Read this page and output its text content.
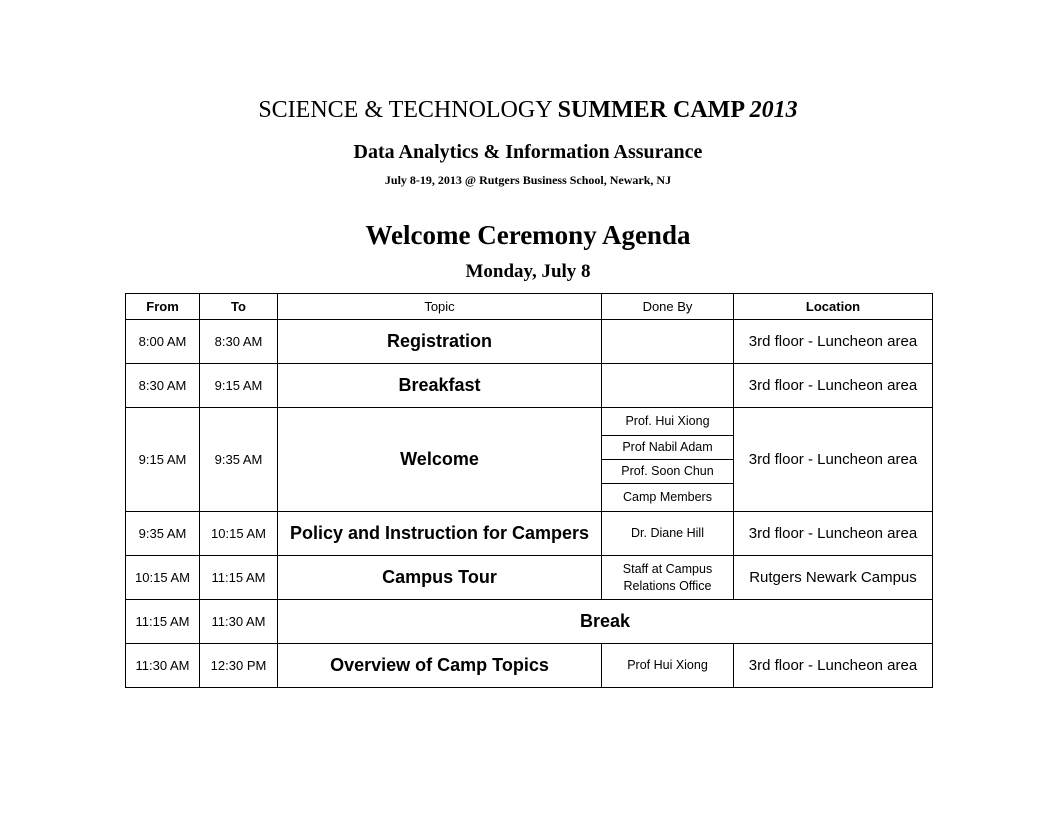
SCIENCE & TECHNOLOGY SUMMER CAMP 2013
Data Analytics & Information Assurance
July 8-19, 2013 @ Rutgers Business School, Newark, NJ
Welcome Ceremony Agenda
Monday, July 8
From	To	Topic	Done By	Location
8:00 AM	8:30 AM	Registration		3rd floor - Luncheon area
8:30 AM	9:15 AM	Breakfast		3rd floor - Luncheon area
9:15 AM	9:35 AM	Welcome	Prof. Hui Xiong	3rd floor - Luncheon area
			Prof Nabil Adam	
			Prof. Soon Chun	
			Camp Members	
9:35 AM	10:15 AM	Policy and Instruction for Campers	Dr. Diane Hill	3rd floor - Luncheon area
10:15 AM	11:15 AM	Campus Tour	Staff at Campus
Relations Office	Rutgers Newark Campus
11:15 AM	11:30 AM	Break		
11:30 AM	12:30 PM	Overview of Camp Topics	Prof Hui Xiong	3rd floor - Luncheon area
